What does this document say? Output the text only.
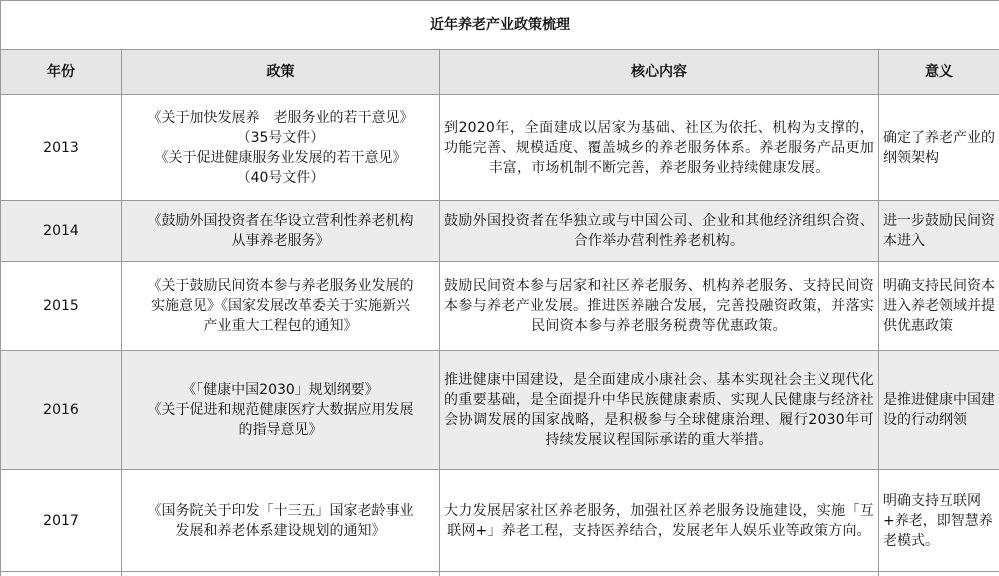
近年养老产业政策梳理			
年份	政策	核心内容	意义
2013	《关于加快发展养　老服务业的若干意见》
（35号文件）
《关于促进健康服务业发展的若干意见》
（40号文件）	到2020年，全面建成以居家为基础、社区为依托、机构为支撑的，功能完善、规模适度、覆盖城乡的养老服务体系。养老服务产品更加丰富，市场机制不断完善，养老服务业持续健康发展。	确定了养老产业的纲领架构
2014	《鼓励外国投资者在华设立营利性养老机构
从事养老服务》	鼓励外国投资者在华独立或与中国公司、企业和其他经济组织合资、合作举办营利性养老机构。	进一步鼓励民间资本进入
2015	《关于鼓励民间资本参与养老服务业发展的
实施意见》《国家发展改革委关于实施新兴
产业重大工程包的通知》	鼓励民间资本参与居家和社区养老服务、机构养老服务、支持民间资本参与养老产业发展。推进医养融合发展，完善投融资政策，并落实民间资本参与养老服务税费等优惠政策。	明确支持民间资本进入养老领域并提供优惠政策
2016	《「健康中国2030」规划纲要》
《关于促进和规范健康医疗大数据应用发展
的指导意见》	推进健康中国建设，是全面建成小康社会、基本实现社会主义现代化的重要基础，是全面提升中华民族健康素质、实现人民健康与经济社会协调发展的国家战略，是积极参与全球健康治理、履行2030年可持续发展议程国际承诺的重大举措。	是推进健康中国建设的行动纲领
2017	《国务院关于印发「十三五」国家老龄事业
发展和养老体系建设规划的通知》	大力发展居家社区养老服务，加强社区养老服务设施建设，实施「互联网+」养老工程，支持医养结合，发展老年人娱乐业等政策方向。	明确支持互联网+养老，即智慧养老模式。
